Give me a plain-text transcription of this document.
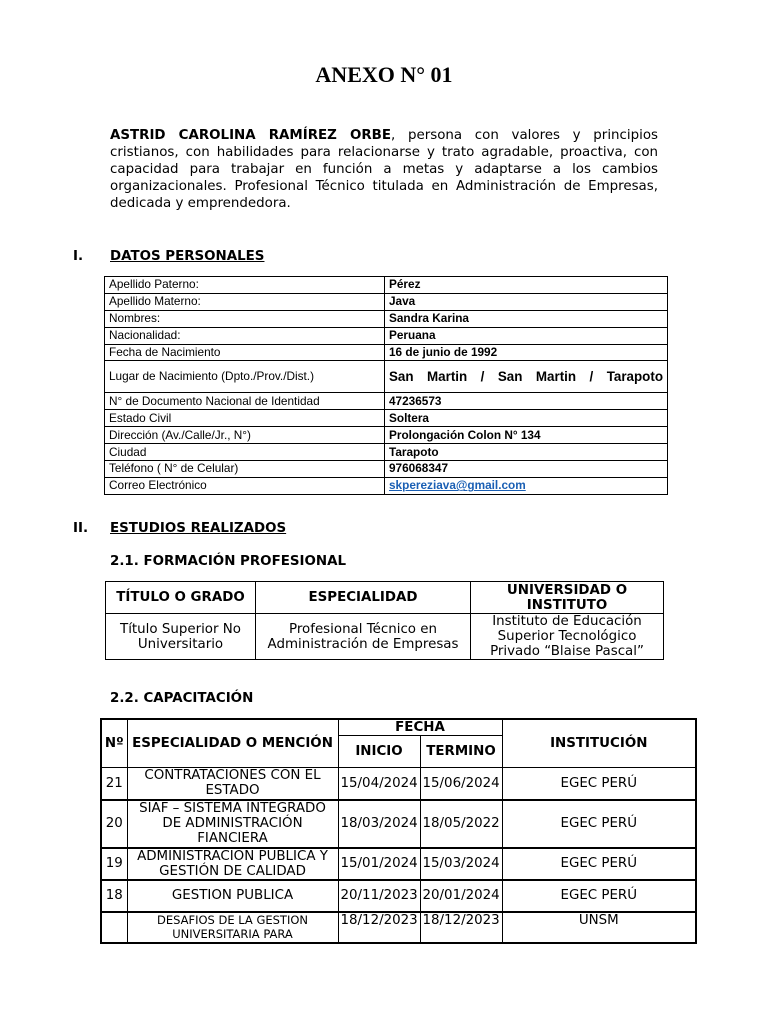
ANEXO N° 01
ASTRID CAROLINA RAMÍREZ ORBE, persona con valores y principios cristianos, con habilidades para relacionarse y trato agradable, proactiva, con capacidad para trabajar en función a metas y adaptarse a los cambios organizacionales. Profesional Técnico titulada en Administración de Empresas, dedicada y emprendedora.
I. DATOS PERSONALES
Apellido Paterno:	Pérez
Apellido Materno:	Java
Nombres:	Sandra Karina
Nacionalidad:	Peruana
Fecha de Nacimiento	16 de junio de 1992
Lugar de Nacimiento (Dpto./Prov./Dist.)	San Martin / San Martin / Tarapoto
N° de Documento Nacional de Identidad	47236573
Estado Civil	Soltera
Dirección (Av./Calle/Jr., N°)	Prolongación Colon N° 134
Ciudad	Tarapoto
Teléfono ( N° de Celular)	976068347
Correo Electrónico	skpereziava@gmail.com
II. ESTUDIOS REALIZADOS
2.1. FORMACIÓN PROFESIONAL
TÍTULO O GRADO	ESPECIALIDAD	UNIVERSIDAD O INSTITUTO
Título Superior No Universitario	Profesional Técnico en Administración de Empresas	Instituto de Educación Superior Tecnológico Privado “Blaise Pascal”
2.2. CAPACITACIÓN
Nº	ESPECIALIDAD O MENCIÓN	FECHA		INSTITUCIÓN
		INICIO	TERMINO	
21	CONTRATACIONES CON EL ESTADO	15/04/2024	15/06/2024	EGEC PERÚ
20	SIAF – SISTEMA INTEGRADO DE ADMINISTRACIÓN FIANCIERA	18/03/2024	18/05/2022	EGEC PERÚ
19	ADMINISTRACION PUBLICA Y GESTIÓN DE CALIDAD	15/01/2024	15/03/2024	EGEC PERÚ
18	GESTION PUBLICA	20/11/2023	20/01/2024	EGEC PERÚ
	DESAFIOS DE LA GESTION UNIVERSITARIA PARA	18/12/2023	18/12/2023	UNSM
